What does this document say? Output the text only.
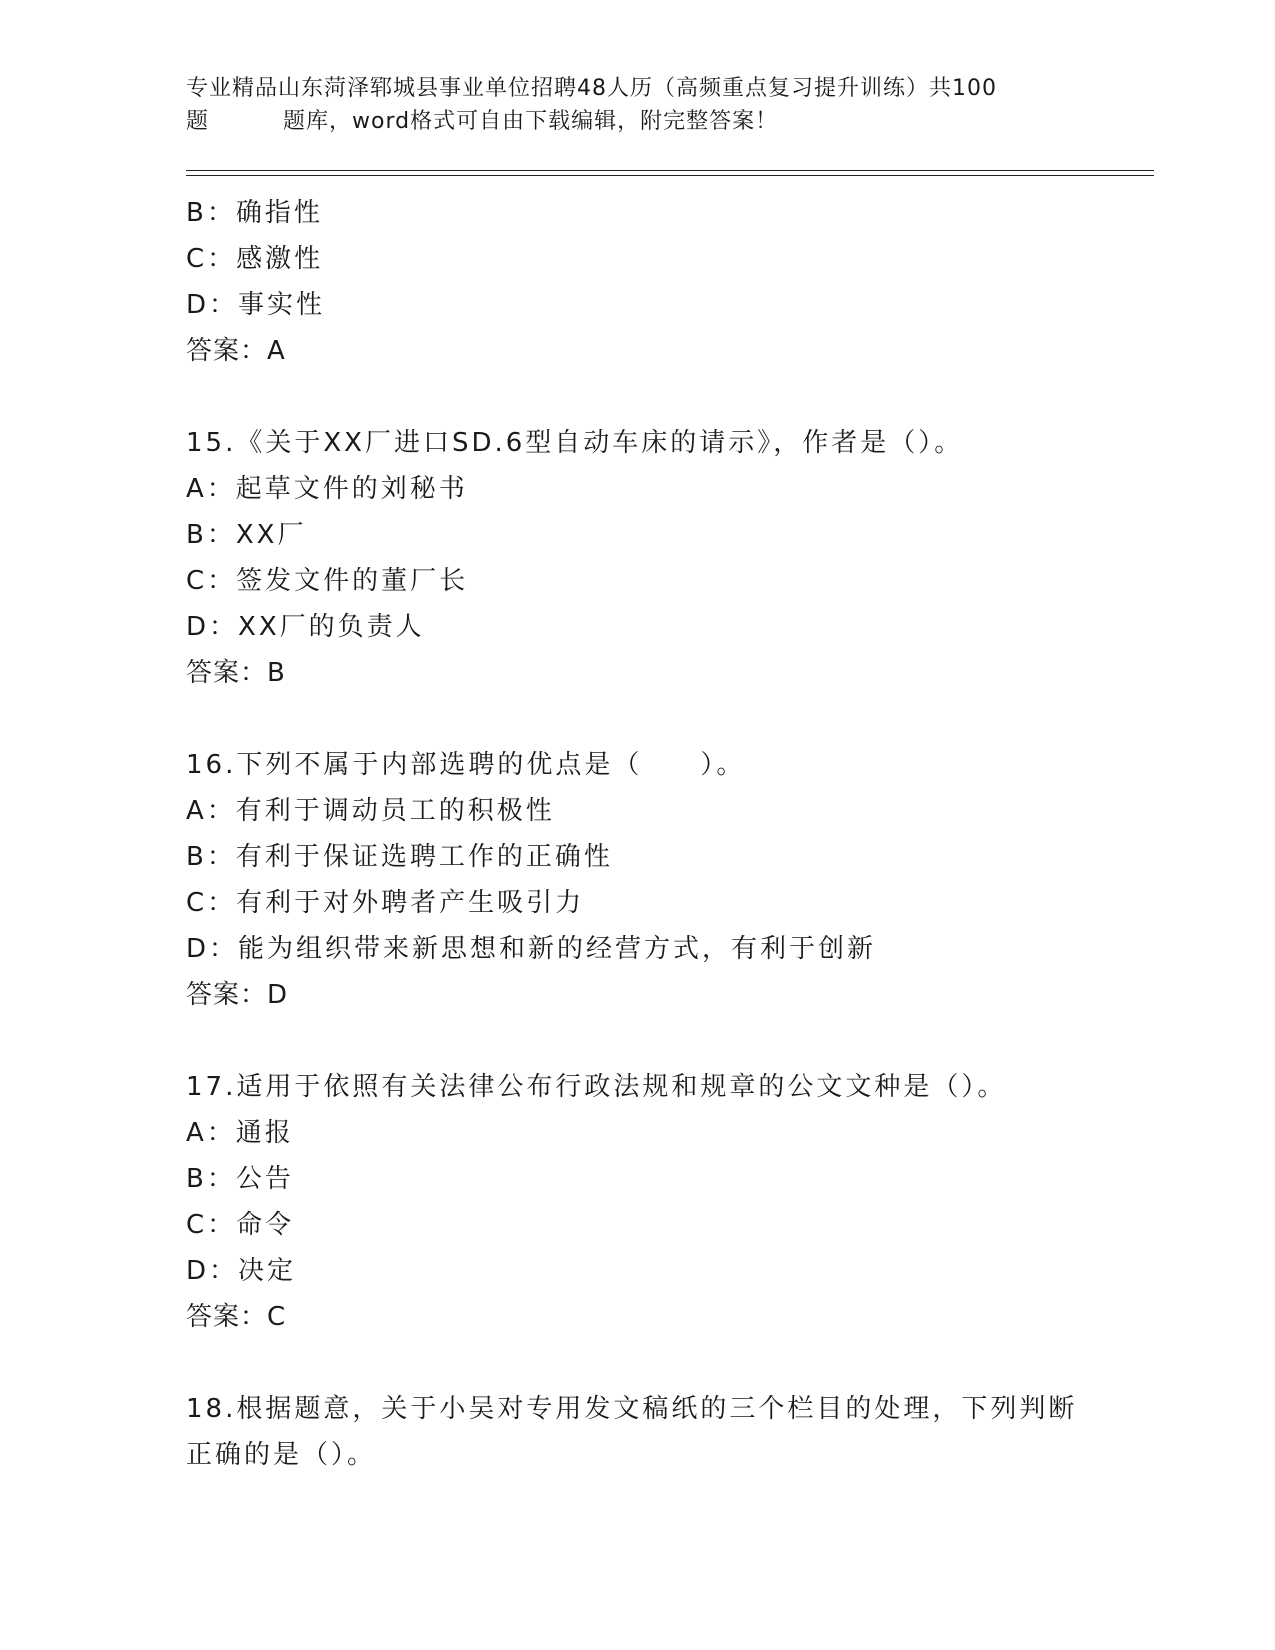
专业精品山东菏泽郓城县事业单位招聘48人历（高频重点复习提升训练）共100
题	题库，word格式可自由下载编辑，附完整答案！
B：确指性
C：感激性
D：事实性
答案：A
15.《关于XX厂进口SD.6型自动车床的请示》，作者是（）。
A：起草文件的刘秘书
B：XX厂
C：签发文件的董厂长
D：XX厂的负责人
答案：B
16.下列不属于内部选聘的优点是（　　）。
A：有利于调动员工的积极性
B：有利于保证选聘工作的正确性
C：有利于对外聘者产生吸引力
D：能为组织带来新思想和新的经营方式，有利于创新
答案：D
17.适用于依照有关法律公布行政法规和规章的公文文种是（）。
A：通报
B：公告
C：命令
D：决定
答案：C
18.根据题意，关于小吴对专用发文稿纸的三个栏目的处理，下列判断正确的是（）。
